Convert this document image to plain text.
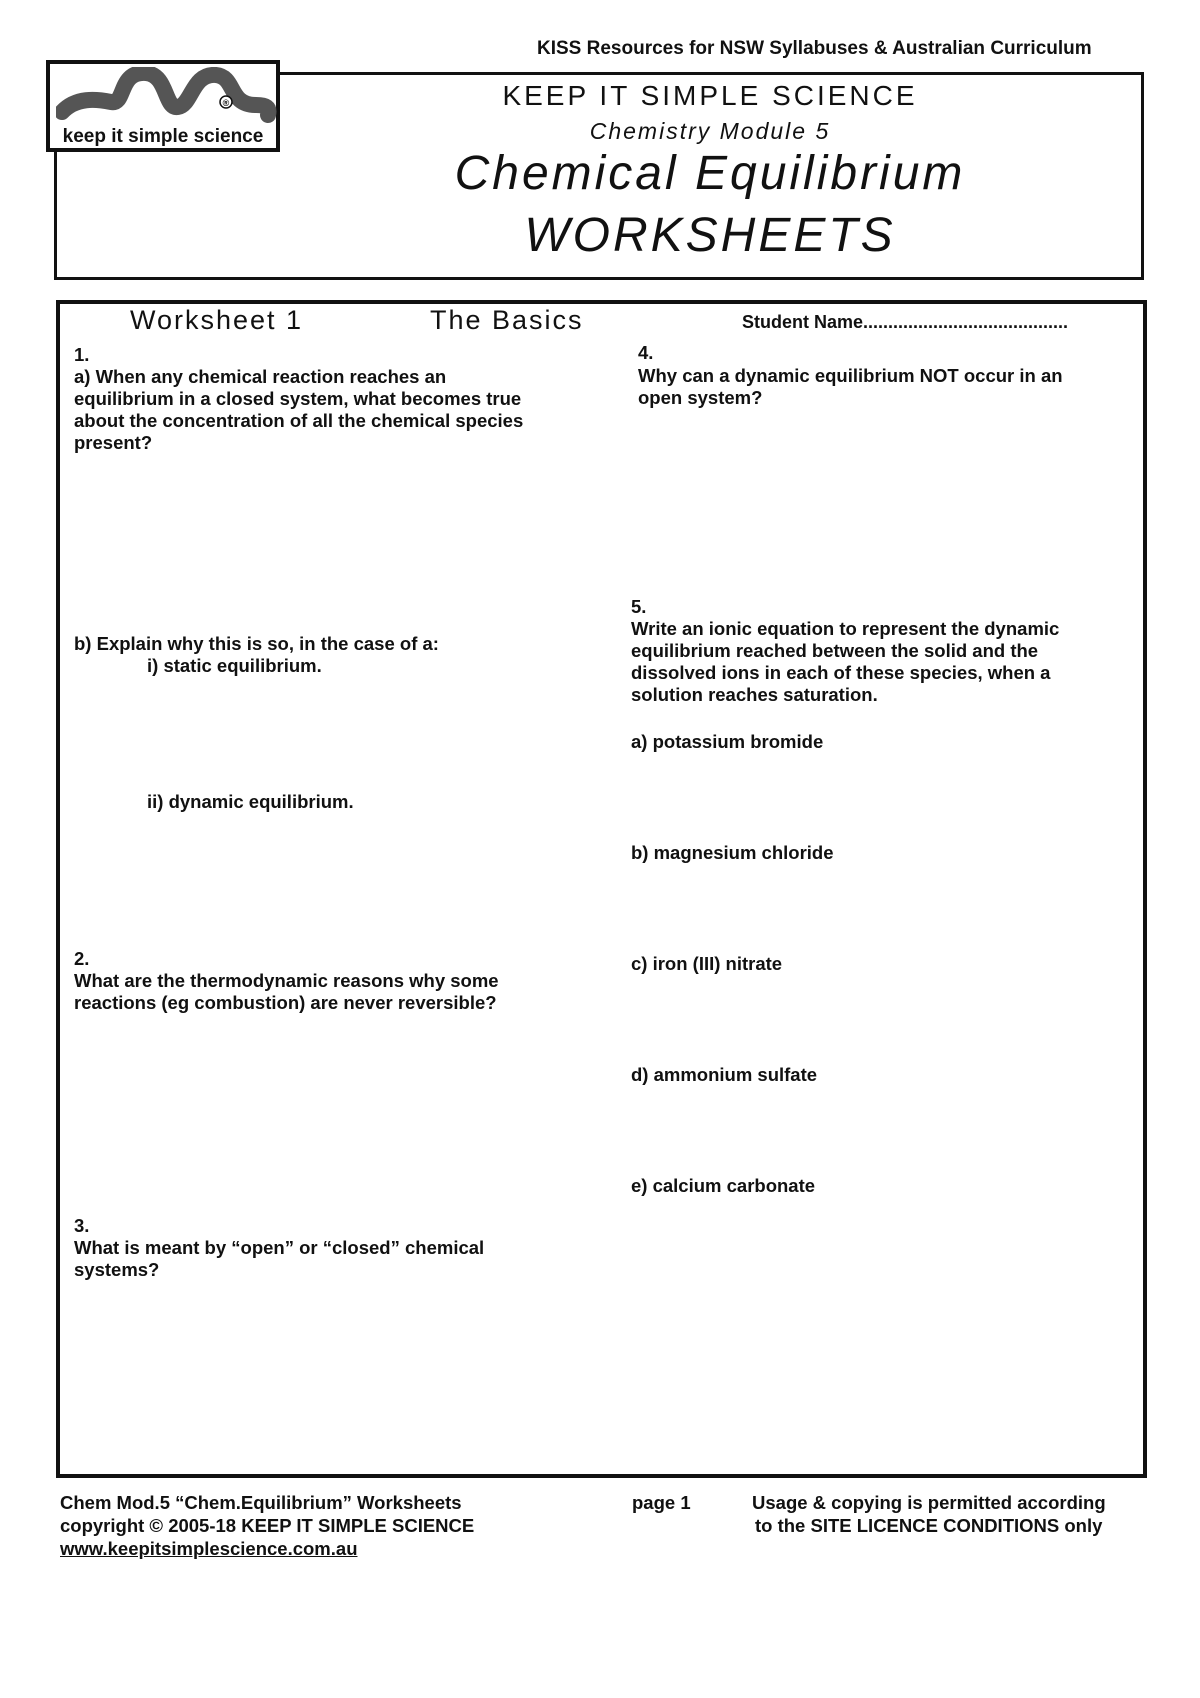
KISS Resources for NSW Syllabuses & Australian Curriculum
®
keep it simple science
KEEP IT SIMPLE SCIENCE
Chemistry Module 5
Chemical Equilibrium
WORKSHEETS
Worksheet 1	The Basics	Student Name.........................................
1.
a) When any chemical reaction reaches an
equilibrium in a closed system, what becomes true
about the concentration of all the chemical species
present?
b) Explain why this is so, in the case of a:
i) static equilibrium.
ii) dynamic equilibrium.
2.
What are the thermodynamic reasons why some
reactions (eg combustion) are never reversible?
3.
What is meant by “open” or “closed” chemical
systems?
4.
Why can a dynamic equilibrium NOT occur in an
open system?
5.
Write an ionic equation to represent the dynamic
equilibrium reached between the solid and the
dissolved ions in each of these species, when a
solution reaches saturation.
a) potassium bromide
b) magnesium chloride
c) iron (III) nitrate
d) ammonium sulfate
e) calcium carbonate
Chem Mod.5 “Chem.Equilibrium” Worksheets
copyright © 2005-18 KEEP IT SIMPLE SCIENCE
www.keepitsimplescience.com.au
page 1	Usage & copying is permitted according
to the SITE LICENCE CONDITIONS only
